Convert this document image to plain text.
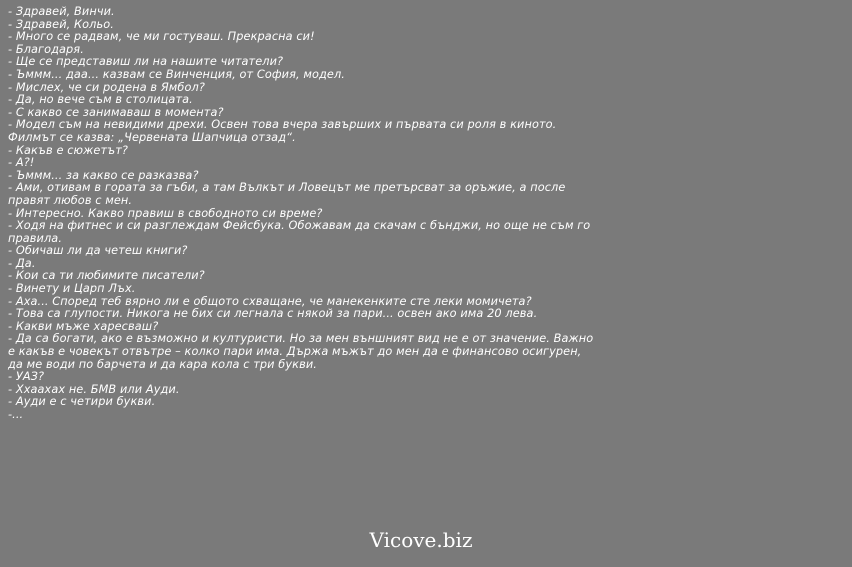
- Здравей, Винчи.
- Здравей, Кольо.
- Много се радвам, че ми гостуваш. Прекрасна си!
- Благодаря.
- Ще се представиш ли на нашите читатели?
- Ъммм... даа... казвам се Винченция, от София, модел.
- Мислех, че си родена в Ямбол?
- Да, но вече съм в столицата.
- С какво се занимаваш в момента?
- Модел съм на невидими дрехи. Освен това вчера завърших и първата си роля в киното. Филмът се казва: „Червената Шапчица отзад“.
- Какъв е сюжетът?
- А?!
- Ъммм... за какво се разказва?
- Ами, отивам в гората за гъби, а там Вълкът и Ловецът ме претърсват за оръжие, а после правят любов с мен.
- Интересно. Какво правиш в свободното си време?
- Ходя на фитнес и си разглеждам Фейсбука. Обожавам да скачам с бънджи, но още не съм го правила.
- Обичаш ли да четеш книги?
- Да.
- Кои са ти любимите писатели?
- Винету и Царп Лъх.
- Аха... Според теб вярно ли е общото схващане, че манекенките сте леки момичета?
- Това са глупости. Никога не бих си легнала с някой за пари... освен ако има 20 лева.
- Какви мъже харесваш?
- Да са богати, ако е възможно и културисти. Но за мен външният вид не е от значение. Важно е какъв е човекът отвътре – колко пари има. Държа мъжът до мен да е финансово осигурен, да ме води по барчета и да кара кола с три букви.
- УАЗ?
- Ххаахах не. БМВ или Ауди.
- Ауди е с четири букви.
-...
Vicove.biz
